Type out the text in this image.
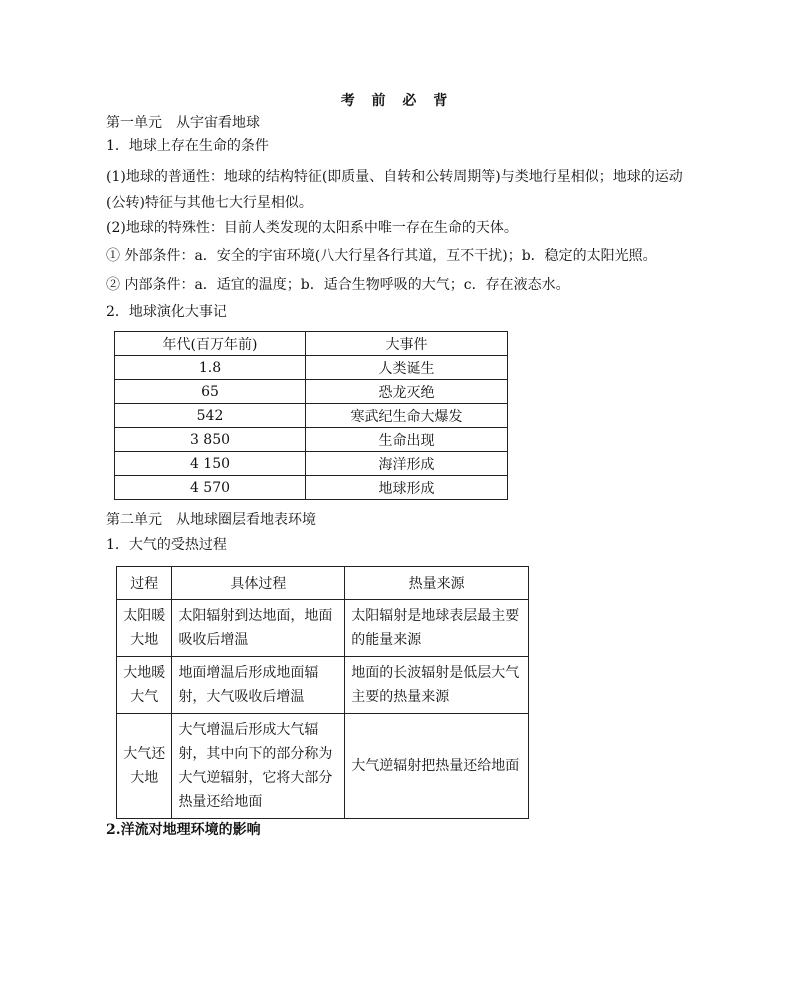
考 前 必 背
第一单元　从宇宙看地球
1．地球上存在生命的条件
(1)地球的普通性：地球的结构特征(即质量、自转和公转周期等)与类地行星相似；地球的运动(公转)特征与其他七大行星相似。
(2)地球的特殊性：目前人类发现的太阳系中唯一存在生命的天体。
① 外部条件：a．安全的宇宙环境(八大行星各行其道，互不干扰)；b．稳定的太阳光照。
② 内部条件：a．适宜的温度；b．适合生物呼吸的大气；c．存在液态水。
2．地球演化大事记
年代(百万年前)	大事件
1.8	人类诞生
65	恐龙灭绝
542	寒武纪生命大爆发
3 850	生命出现
4 150	海洋形成
4 570	地球形成
第二单元　从地球圈层看地表环境
1．大气的受热过程
过程	具体过程	热量来源
太阳暖大地	太阳辐射到达地面，地面吸收后增温	太阳辐射是地球表层最主要的能量来源
大地暖大气	地面增温后形成地面辐射，大气吸收后增温	地面的长波辐射是低层大气主要的热量来源
大气还大地	大气增温后形成大气辐射，其中向下的部分称为大气逆辐射，它将大部分热量还给地面	大气逆辐射把热量还给地面
2.洋流对地理环境的影响
